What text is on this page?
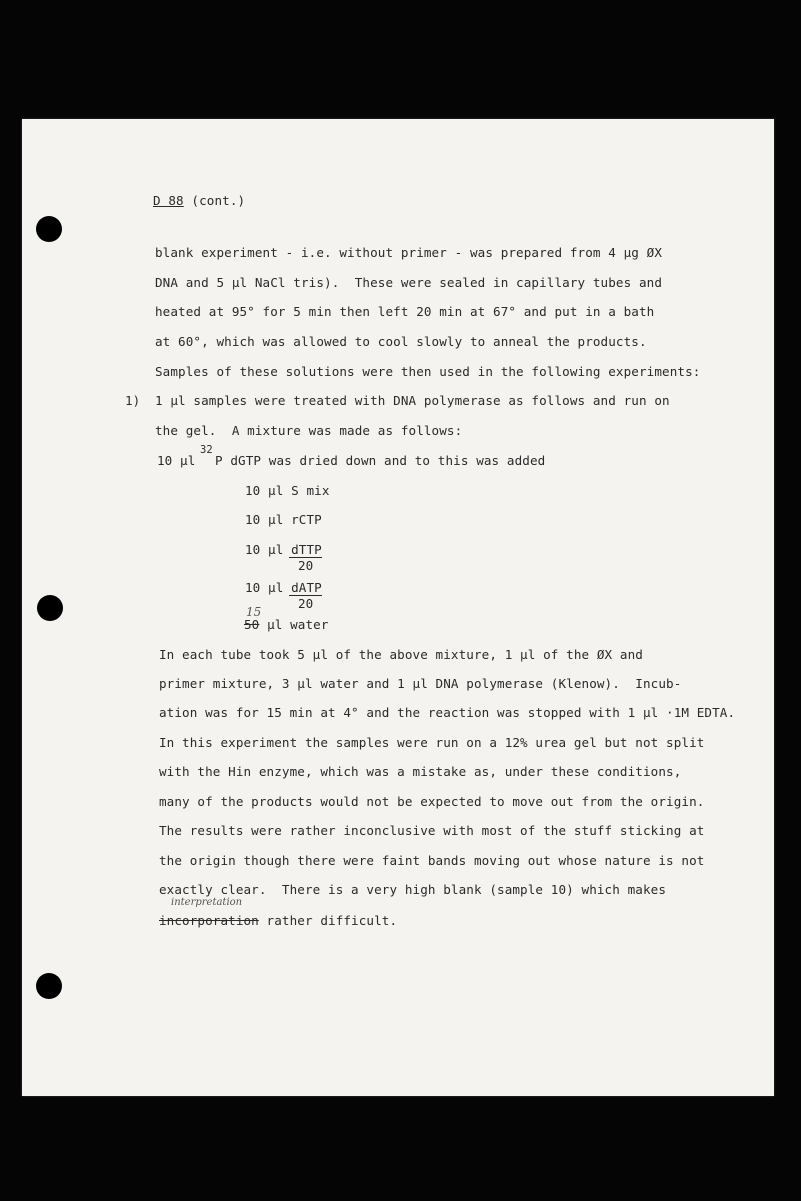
D 88 (cont.)
blank experiment - i.e. without primer - was prepared from 4 µg ØX
DNA and 5 µl NaCl tris).  These were sealed in capillary tubes and
heated at 95° for 5 min then left 20 min at 67° and put in a bath
at 60°, which was allowed to cool slowly to anneal the products.
Samples of these solutions were then used in the following experiments:
1) 1 µl samples were treated with DNA polymerase as follows and run on
the gel.  A mixture was made as follows:
10 µl
32
P dGTP was dried down and to this was added
10 µl S mix
10 µl rCTP
10 µl dTTP
20
10 µl dATP
20
15
50 µl water
In each tube took 5 µl of the above mixture, 1 µl of the ØX and
primer mixture, 3 µl water and 1 µl DNA polymerase (Klenow).  Incub-
ation was for 15 min at 4° and the reaction was stopped with 1 µl ·1M EDTA.
In this experiment the samples were run on a 12% urea gel but not split
with the Hin enzyme, which was a mistake as, under these conditions,
many of the products would not be expected to move out from the origin.
The results were rather inconclusive with most of the stuff sticking at
the origin though there were faint bands moving out whose nature is not
exactly clear.  There is a very high blank (sample 10) which makes
interpretation
incorporation rather difficult.
